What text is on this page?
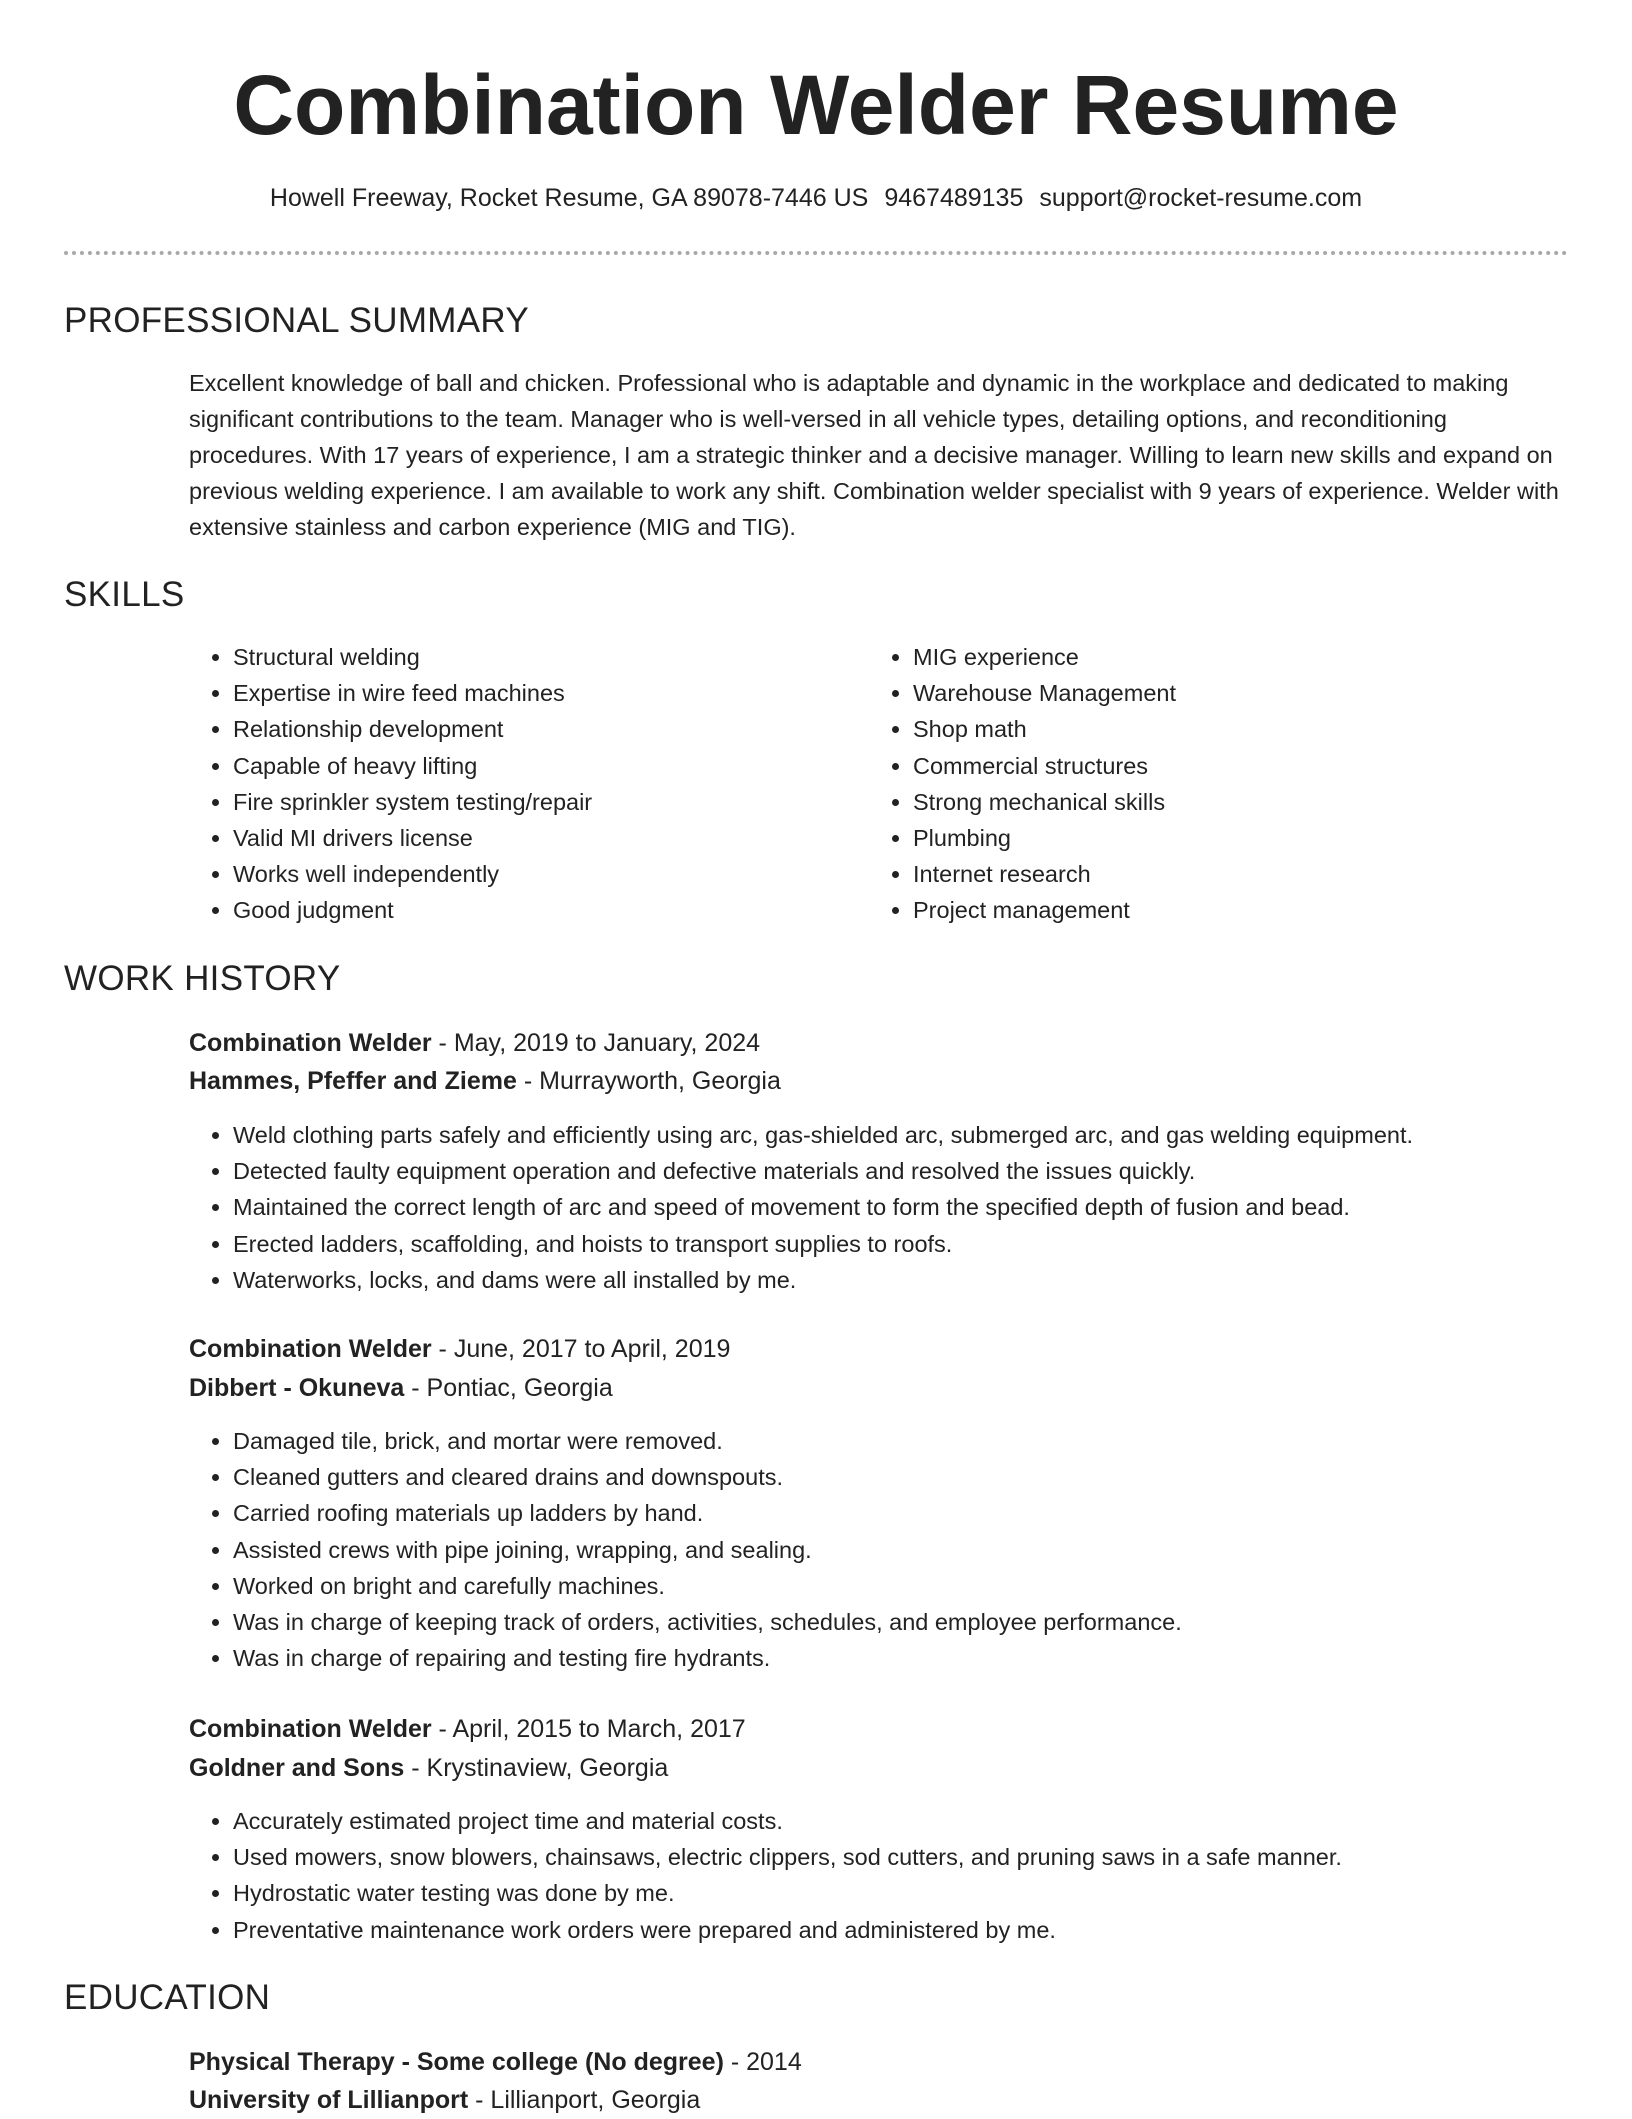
Combination Welder Resume
Howell Freeway, Rocket Resume, GA 89078-7446 US 9467489135 support@rocket-resume.com
PROFESSIONAL SUMMARY

Excellent knowledge of ball and chicken. Professional who is adaptable and dynamic in the workplace and dedicated to making significant contributions to the team. Manager who is well-versed in all vehicle types, detailing options, and reconditioning procedures. With 17 years of experience, I am a strategic thinker and a decisive manager. Willing to learn new skills and expand on previous welding experience. I am available to work any shift. Combination welder specialist with 9 years of experience. Welder with extensive stainless and carbon experience (MIG and TIG).

SKILLS
• Structural welding
• Expertise in wire feed machines
• Relationship development
• Capable of heavy lifting
• Fire sprinkler system testing/repair
• Valid MI drivers license
• Works well independently
• Good judgment
• MIG experience
• Warehouse Management
• Shop math
• Commercial structures
• Strong mechanical skills
• Plumbing
• Internet research
• Project management
WORK HISTORY
Combination Welder - May, 2019 to January, 2024
Hammes, Pfeffer and Zieme - Murrayworth, Georgia
• Weld clothing parts safely and efficiently using arc, gas-shielded arc, submerged arc, and gas welding equipment.
• Detected faulty equipment operation and defective materials and resolved the issues quickly.
• Maintained the correct length of arc and speed of movement to form the specified depth of fusion and bead.
• Erected ladders, scaffolding, and hoists to transport supplies to roofs.
• Waterworks, locks, and dams were all installed by me.
Combination Welder - June, 2017 to April, 2019
Dibbert - Okuneva - Pontiac, Georgia
• Damaged tile, brick, and mortar were removed.
• Cleaned gutters and cleared drains and downspouts.
• Carried roofing materials up ladders by hand.
• Assisted crews with pipe joining, wrapping, and sealing.
• Worked on bright and carefully machines.
• Was in charge of keeping track of orders, activities, schedules, and employee performance.
• Was in charge of repairing and testing fire hydrants.
Combination Welder - April, 2015 to March, 2017
Goldner and Sons - Krystinaview, Georgia
• Accurately estimated project time and material costs.
• Used mowers, snow blowers, chainsaws, electric clippers, sod cutters, and pruning saws in a safe manner.
• Hydrostatic water testing was done by me.
• Preventative maintenance work orders were prepared and administered by me.
EDUCATION
Physical Therapy - Some college (No degree) - 2014
University of Lillianport - Lillianport, Georgia
